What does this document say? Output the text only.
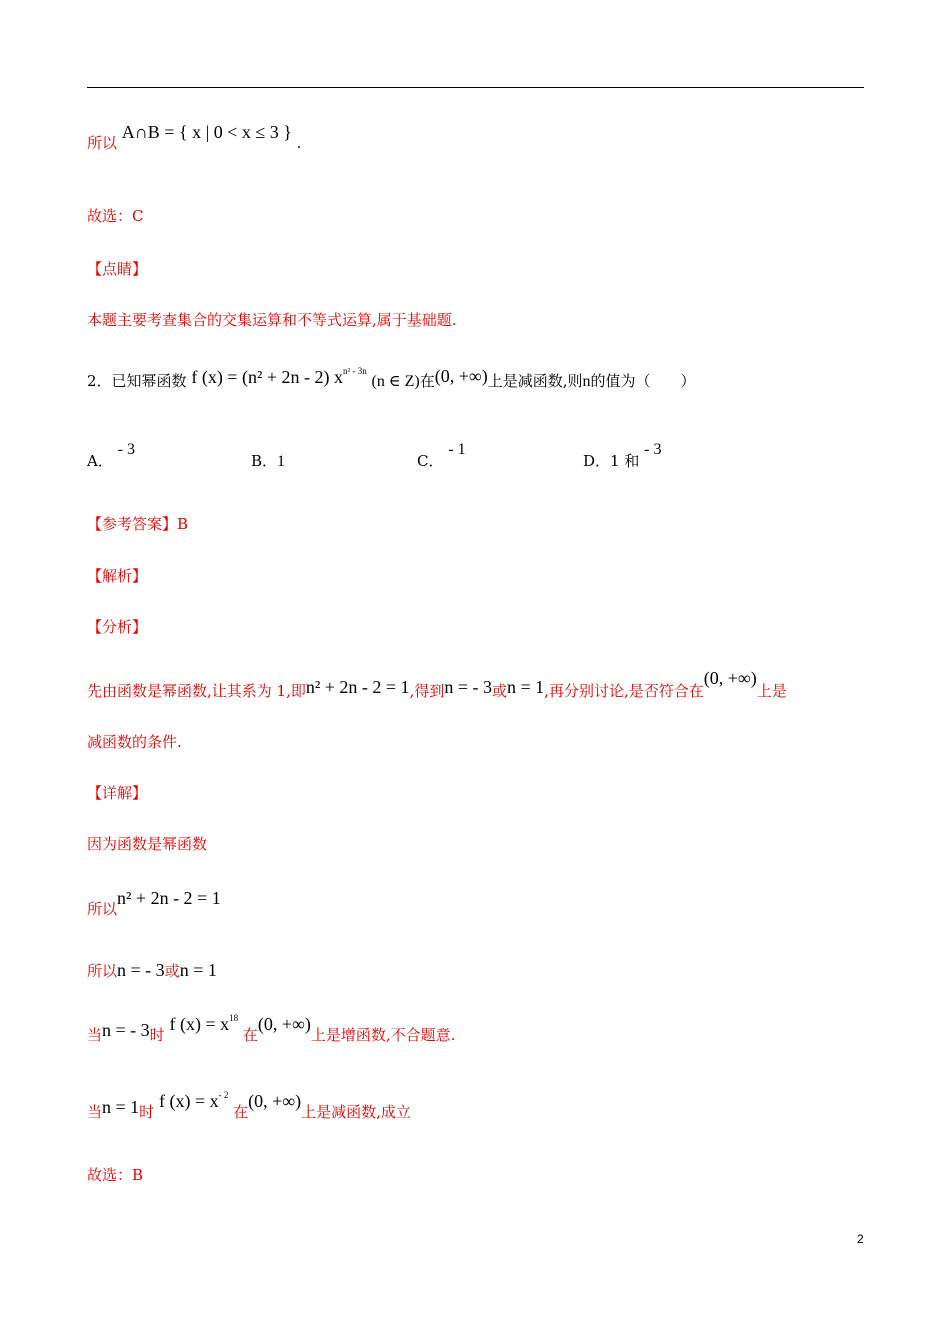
所以 A∩B = { x | 0 < x ≤ 3 } .
故选：C
【点睛】
本题主要考查集合的交集运算和不等式运算,属于基础题.
2．已知幂函数 f (x) = (n² + 2n - 2) $x^{n^2 - 3n}$ (n ∈ Z)在(0, +∞)上是减函数,则n的值为（　　）
A． - 3
B．1	C． - 1
D．1 和 - 3
【参考答案】B
【解析】
【分析】
先由函数是幂函数,让其系为 1,即n² + 2n - 2 = 1,得到n = - 3或n = 1,再分别讨论,是否符合在(0, +∞)上是
减函数的条件.
【详解】
因为函数是幂函数
所以n² + 2n - 2 = 1
所以n = - 3或n = 1
当n = - 3时 f $(x) = x^{18}$ 在(0, +∞)上是增函数,不合题意.
当n = 1时 f $(x) = x^{- 2}$ 在(0, +∞)上是减函数,成立
故选：B
2
